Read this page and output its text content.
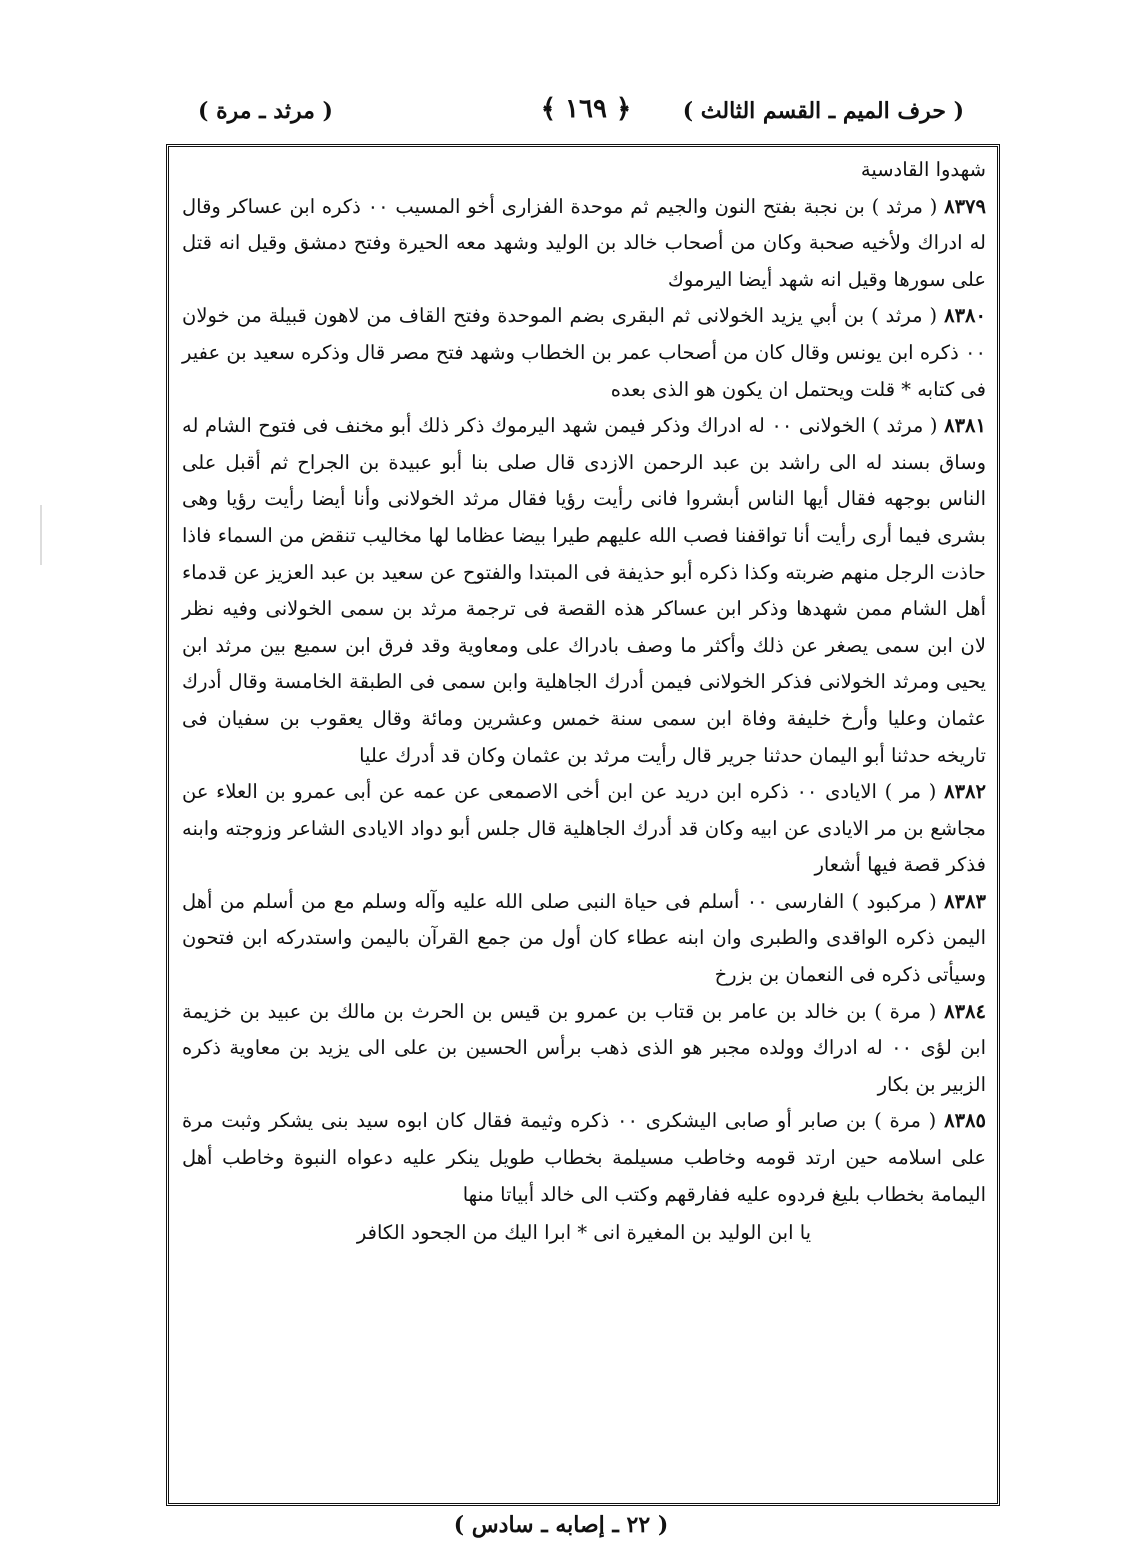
( حرف الميم ـ القسم الثالث )
﴿ ١٦٩ ﴾
( مرثد ـ مرة )

شهدوا القادسية

٨٣٧٩ ( مرثد ) بن نجبة بفتح النون والجيم ثم موحدة الفزارى أخو المسيب ٠٠ ذكره ابن عساكر وقال له ادراك ولأخيه صحبة وكان من أصحاب خالد بن الوليد وشهد معه الحيرة وفتح دمشق وقيل انه قتل على سورها وقيل انه شهد أيضا اليرموك

٨٣٨٠ ( مرثد ) بن أبي يزيد الخولانى ثم البقرى بضم الموحدة وفتح القاف من لاهون قبيلة من خولان ٠٠ ذكره ابن يونس وقال كان من أصحاب عمر بن الخطاب وشهد فتح مصر قال وذكره سعيد بن عفير فى كتابه * قلت ويحتمل ان يكون هو الذى بعده

٨٣٨١ ( مرثد ) الخولانى ٠٠ له ادراك وذكر فيمن شهد اليرموك ذكر ذلك أبو مخنف فى فتوح الشام له وساق بسند له الى راشد بن عبد الرحمن الازدى قال صلى بنا أبو عبيدة بن الجراح ثم أقبل على الناس بوجهه فقال أيها الناس أبشروا فانى رأيت رؤيا فقال مرثد الخولانى وأنا أيضا رأيت رؤيا وهى بشرى فيما أرى رأيت أنا تواقفنا فصب الله عليهم طيرا بيضا عظاما لها مخاليب تنقض من السماء فاذا حاذت الرجل منهم ضربته وكذا ذكره أبو حذيفة فى المبتدا والفتوح عن سعيد بن عبد العزيز عن قدماء أهل الشام ممن شهدها وذكر ابن عساكر هذه القصة فى ترجمة مرثد بن سمى الخولانى وفيه نظر لان ابن سمى يصغر عن ذلك وأكثر ما وصف بادراك على ومعاوية وقد فرق ابن سميع بين مرثد ابن يحيى ومرثد الخولانى فذكر الخولانى فيمن أدرك الجاهلية وابن سمى فى الطبقة الخامسة وقال أدرك عثمان وعليا وأرخ خليفة وفاة ابن سمى سنة خمس وعشرين ومائة وقال يعقوب بن سفيان فى تاريخه حدثنا أبو اليمان حدثنا جرير قال رأيت مرثد بن عثمان وكان قد أدرك عليا

٨٣٨٢ ( مر ) الايادى ٠٠ ذكره ابن دريد عن ابن أخى الاصمعى عن عمه عن أبى عمرو بن العلاء عن مجاشع بن مر الايادى عن ابيه وكان قد أدرك الجاهلية قال جلس أبو دواد الايادى الشاعر وزوجته وابنه فذكر قصة فيها أشعار

٨٣٨٣ ( مركبود ) الفارسى ٠٠ أسلم فى حياة النبى صلى الله عليه وآله وسلم مع من أسلم من أهل اليمن ذكره الواقدى والطبرى وان ابنه عطاء كان أول من جمع القرآن باليمن واستدركه ابن فتحون وسيأتى ذكره فى النعمان بن بزرخ

٨٣٨٤ ( مرة ) بن خالد بن عامر بن قتاب بن عمرو بن قيس بن الحرث بن مالك بن عبيد بن خزيمة ابن لؤى ٠٠ له ادراك وولده مجبر هو الذى ذهب برأس الحسين بن على الى يزيد بن معاوية ذكره الزبير بن بكار

٨٣٨٥ ( مرة ) بن صابر أو صابى اليشكرى ٠٠ ذكره وثيمة فقال كان ابوه سيد بنى يشكر وثبت مرة على اسلامه حين ارتد قومه وخاطب مسيلمة بخطاب طويل ينكر عليه دعواه النبوة وخاطب أهل اليمامة بخطاب بليغ فردوه عليه ففارقهم وكتب الى خالد أبياتا منها

يا ابن الوليد بن المغيرة انى * ابرا اليك من الجحود الكافر

( ٢٢ ـ إصابه ـ سادس )
